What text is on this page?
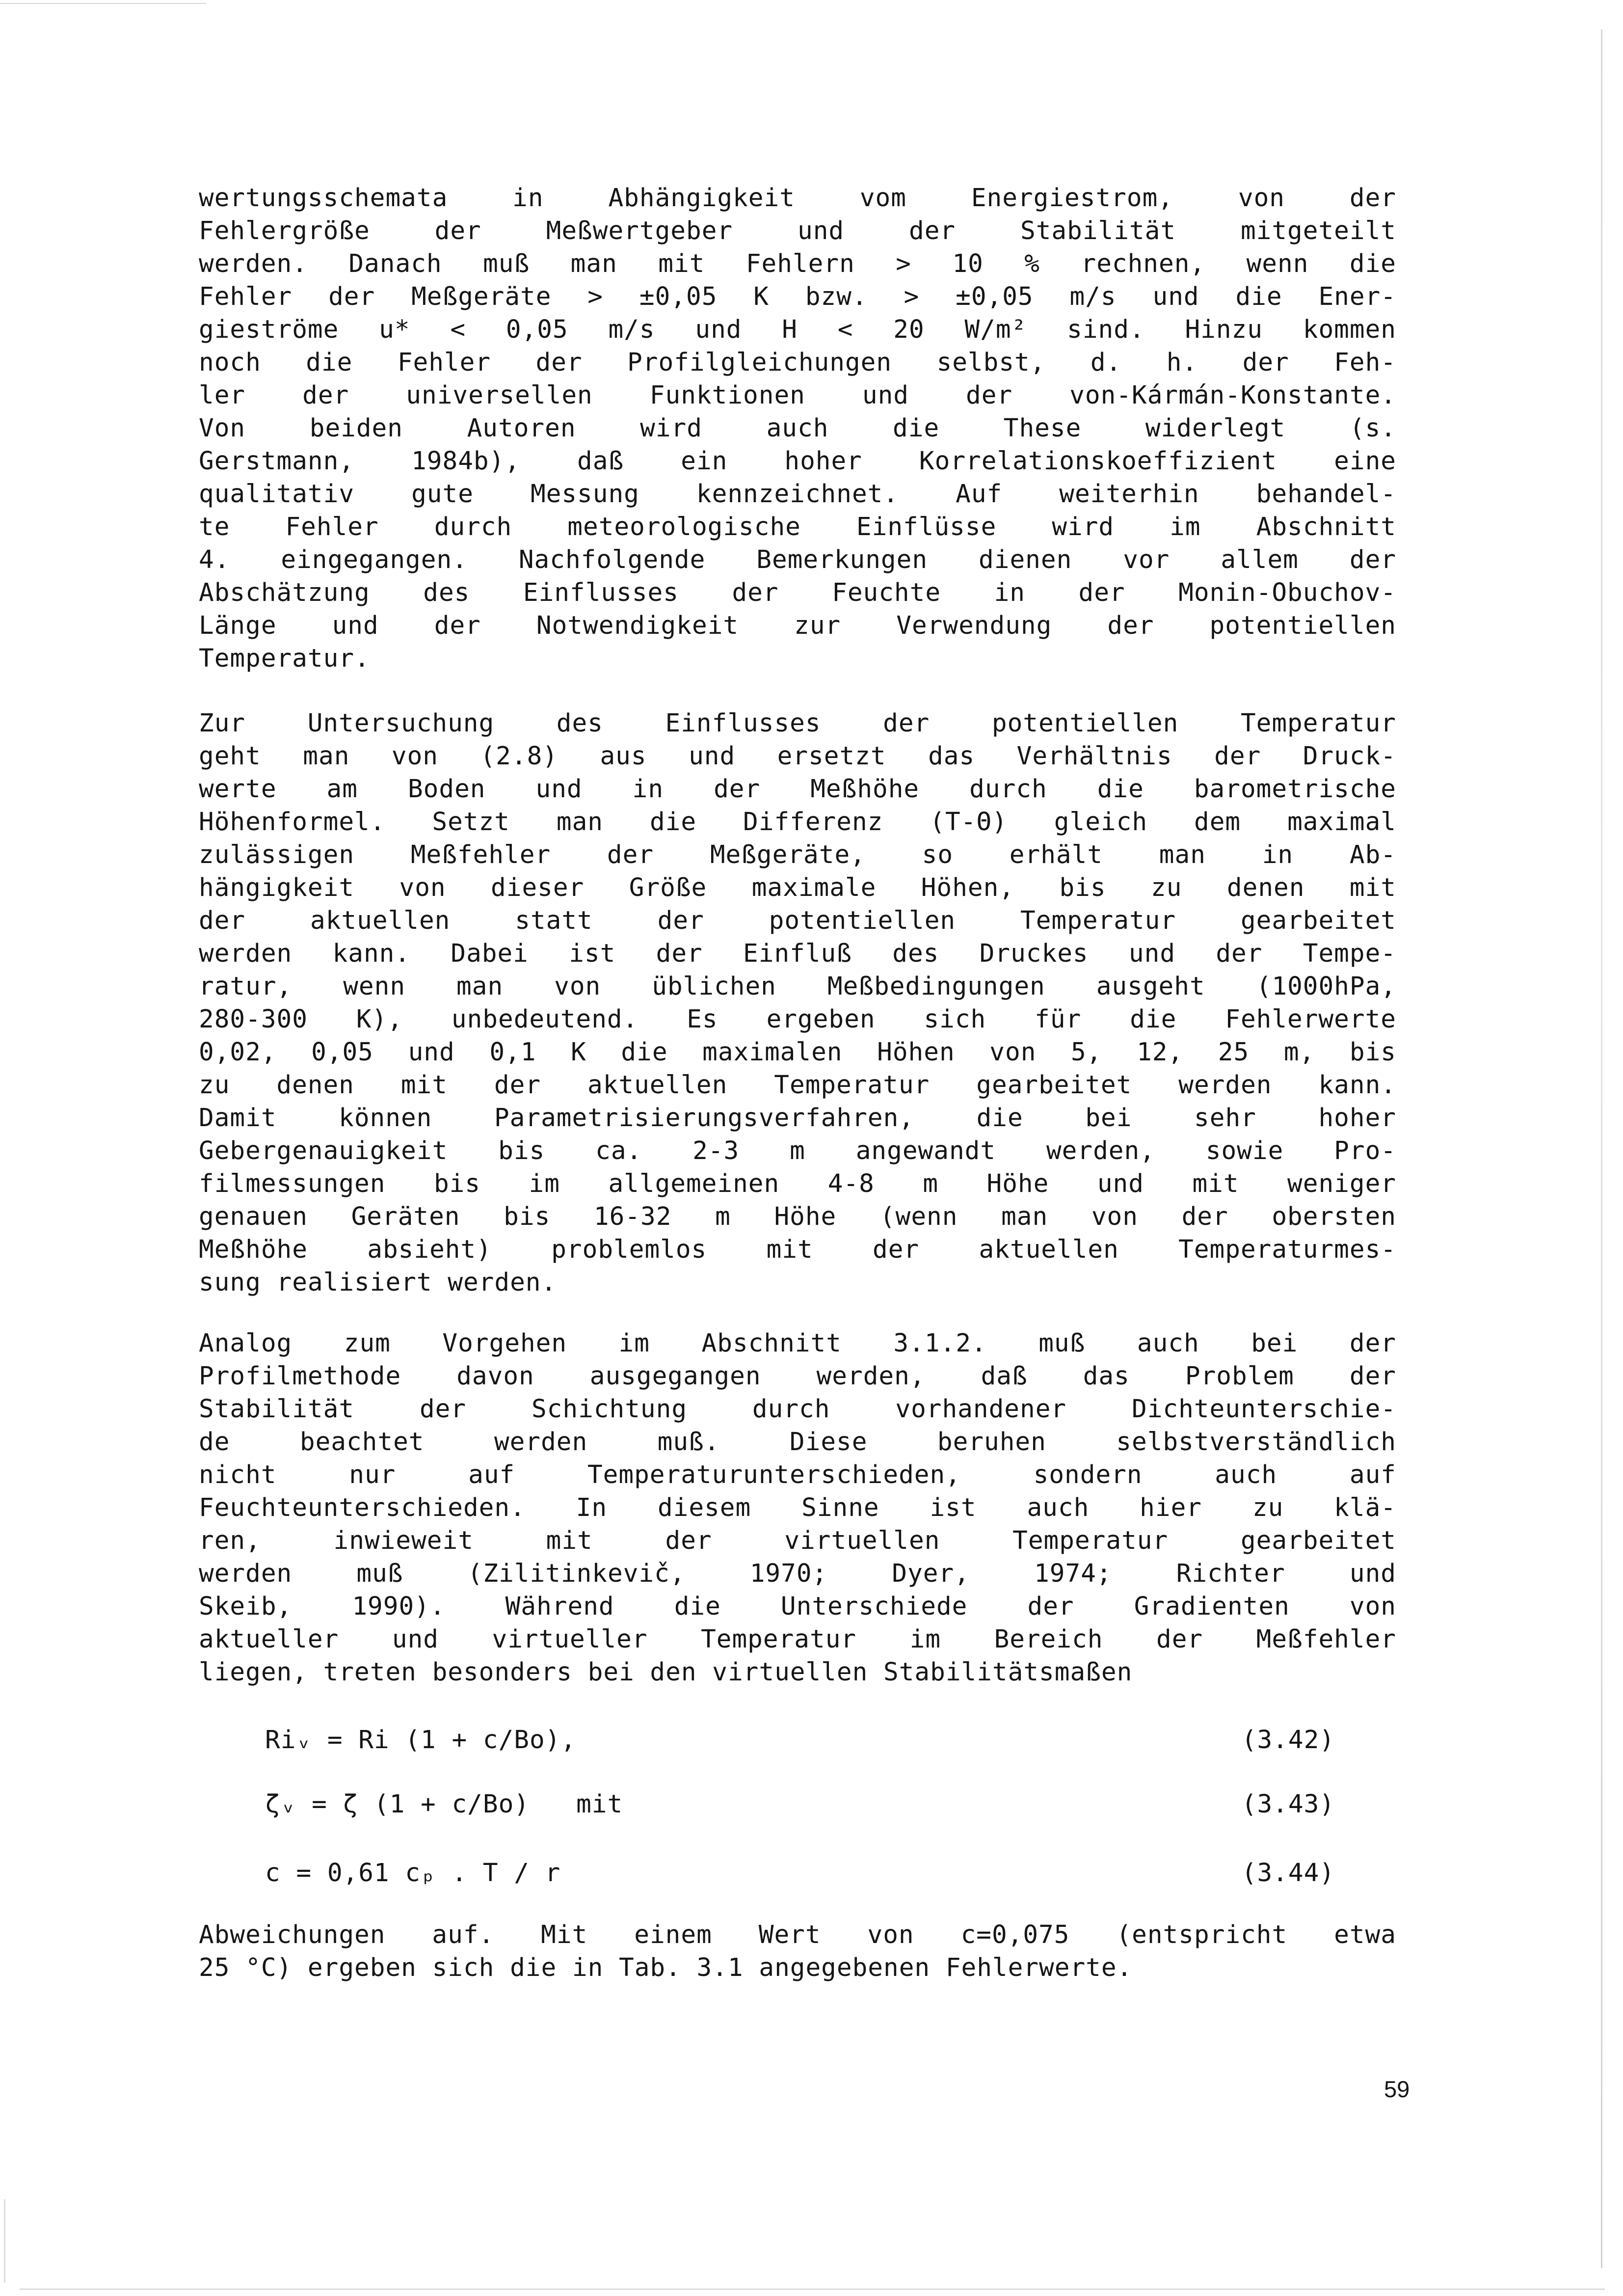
wertungsschemata in Abhängigkeit vom Energiestrom, von der
Fehlergröße der Meßwertgeber und der Stabilität mitgeteilt
werden. Danach muß man mit Fehlern > 10 % rechnen, wenn die
Fehler der Meßgeräte > ±0,05 K bzw. > ±0,05 m/s und die Ener-
gieströme u* < 0,05 m/s und H < 20 W/m² sind. Hinzu kommen
noch die Fehler der Profilgleichungen selbst, d. h. der Feh-
ler der universellen Funktionen und der von-Kármán-Konstante.
Von beiden Autoren wird auch die These widerlegt (s.
Gerstmann, 1984b), daß ein hoher Korrelationskoeffizient eine
qualitativ gute Messung kennzeichnet. Auf weiterhin behandel-
te Fehler durch meteorologische Einflüsse wird im Abschnitt
4. eingegangen. Nachfolgende Bemerkungen dienen vor allem der
Abschätzung des Einflusses der Feuchte in der Monin-Obuchov-
Länge und der Notwendigkeit zur Verwendung der potentiellen
Temperatur.
Zur Untersuchung des Einflusses der potentiellen Temperatur
geht man von (2.8) aus und ersetzt das Verhältnis der Druck-
werte am Boden und in der Meßhöhe durch die barometrische
Höhenformel. Setzt man die Differenz (T-Θ) gleich dem maximal
zulässigen Meßfehler der Meßgeräte, so erhält man in Ab-
hängigkeit von dieser Größe maximale Höhen, bis zu denen mit
der aktuellen statt der potentiellen Temperatur gearbeitet
werden kann. Dabei ist der Einfluß des Druckes und der Tempe-
ratur, wenn man von üblichen Meßbedingungen ausgeht (1000hPa,
280-300 K), unbedeutend. Es ergeben sich für die Fehlerwerte
0,02, 0,05 und 0,1 K die maximalen Höhen von 5, 12, 25 m, bis
zu denen mit der aktuellen Temperatur gearbeitet werden kann.
Damit können Parametrisierungsverfahren, die bei sehr hoher
Gebergenauigkeit bis ca. 2-3 m angewandt werden, sowie Pro-
filmessungen bis im allgemeinen 4-8 m Höhe und mit weniger
genauen Geräten bis 16-32 m Höhe (wenn man von der obersten
Meßhöhe absieht) problemlos mit der aktuellen Temperaturmes-
sung realisiert werden.
Analog zum Vorgehen im Abschnitt 3.1.2. muß auch bei der
Profilmethode davon ausgegangen werden, daß das Problem der
Stabilität der Schichtung durch vorhandener Dichteunterschie-
de beachtet werden muß. Diese beruhen selbstverständlich
nicht nur auf Temperaturunterschieden, sondern auch auf
Feuchteunterschieden. In diesem Sinne ist auch hier zu klä-
ren, inwieweit mit der virtuellen Temperatur gearbeitet
werden muß (Zilitinkevič, 1970; Dyer, 1974; Richter und
Skeib, 1990). Während die Unterschiede der Gradienten von
aktueller und virtueller Temperatur im Bereich der Meßfehler
liegen, treten besonders bei den virtuellen Stabilitätsmaßen
Riᵥ = Ri (1 + c/Bo),	(3.42)
ζᵥ = ζ (1 + c/Bo)   mit	(3.43)
c = 0,61 cₚ . T / r	(3.44)
Abweichungen auf. Mit einem Wert von c=0,075 (entspricht etwa
25 °C) ergeben sich die in Tab. 3.1 angegebenen Fehlerwerte.
59
